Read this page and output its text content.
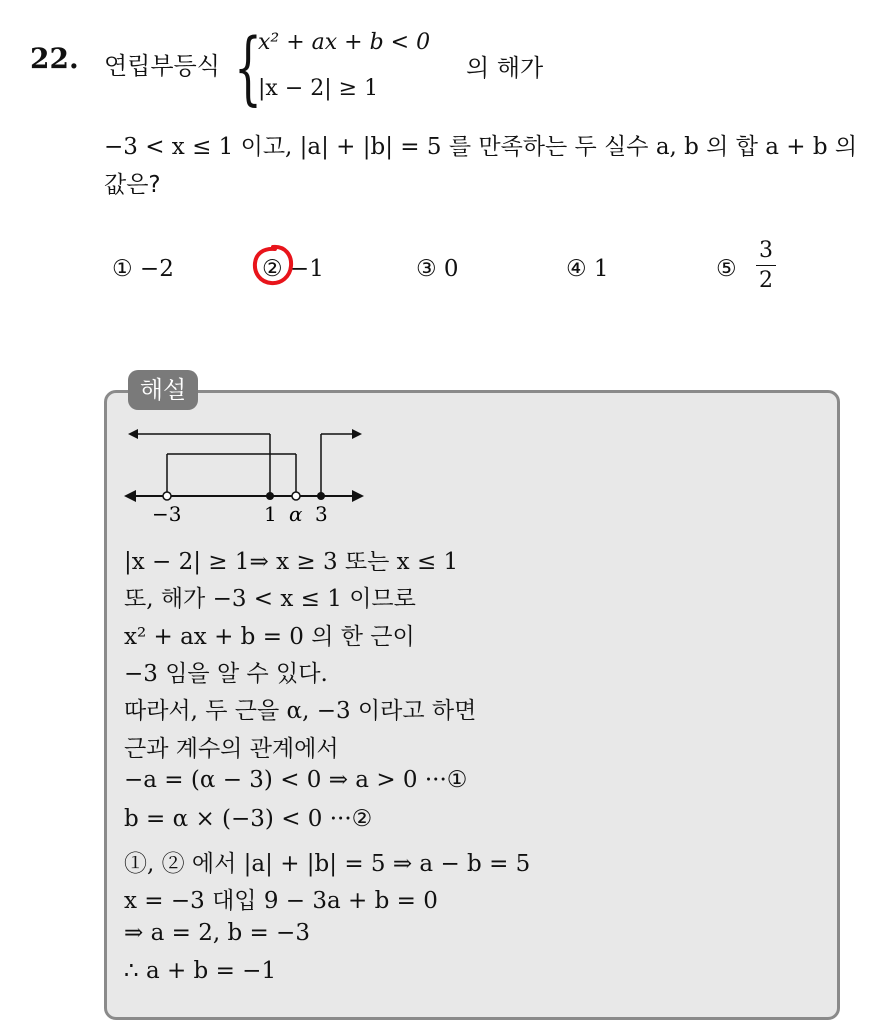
22. 연립부등식 {
x² + ax + b < 0
|x − 2| ≥ 1
의 해가
−3 < x ≤ 1 이고, |a| + |b| = 5 를 만족하는 두 실수 a, b 의 합 a + b 의
값은?
① −2	② −1	③ 0	④ 1	⑤
3
2
해설
−3	1 α 3
|x − 2| ≥ 1⇒ x ≥ 3 또는 x ≤ 1
또, 해가 −3 < x ≤ 1 이므로
x² + ax + b = 0 의 한 근이
−3 임을 알 수 있다.
따라서, 두 근을 α, −3 이라고 하면
근과 계수의 관계에서
−a = (α − 3) < 0 ⇒ a > 0 ···①
b = α × (−3) < 0 ···②
①, ② 에서 |a| + |b| = 5 ⇒ a − b = 5
x = −3 대입 9 − 3a + b = 0
⇒ a = 2, b = −3
∴ a + b = −1
